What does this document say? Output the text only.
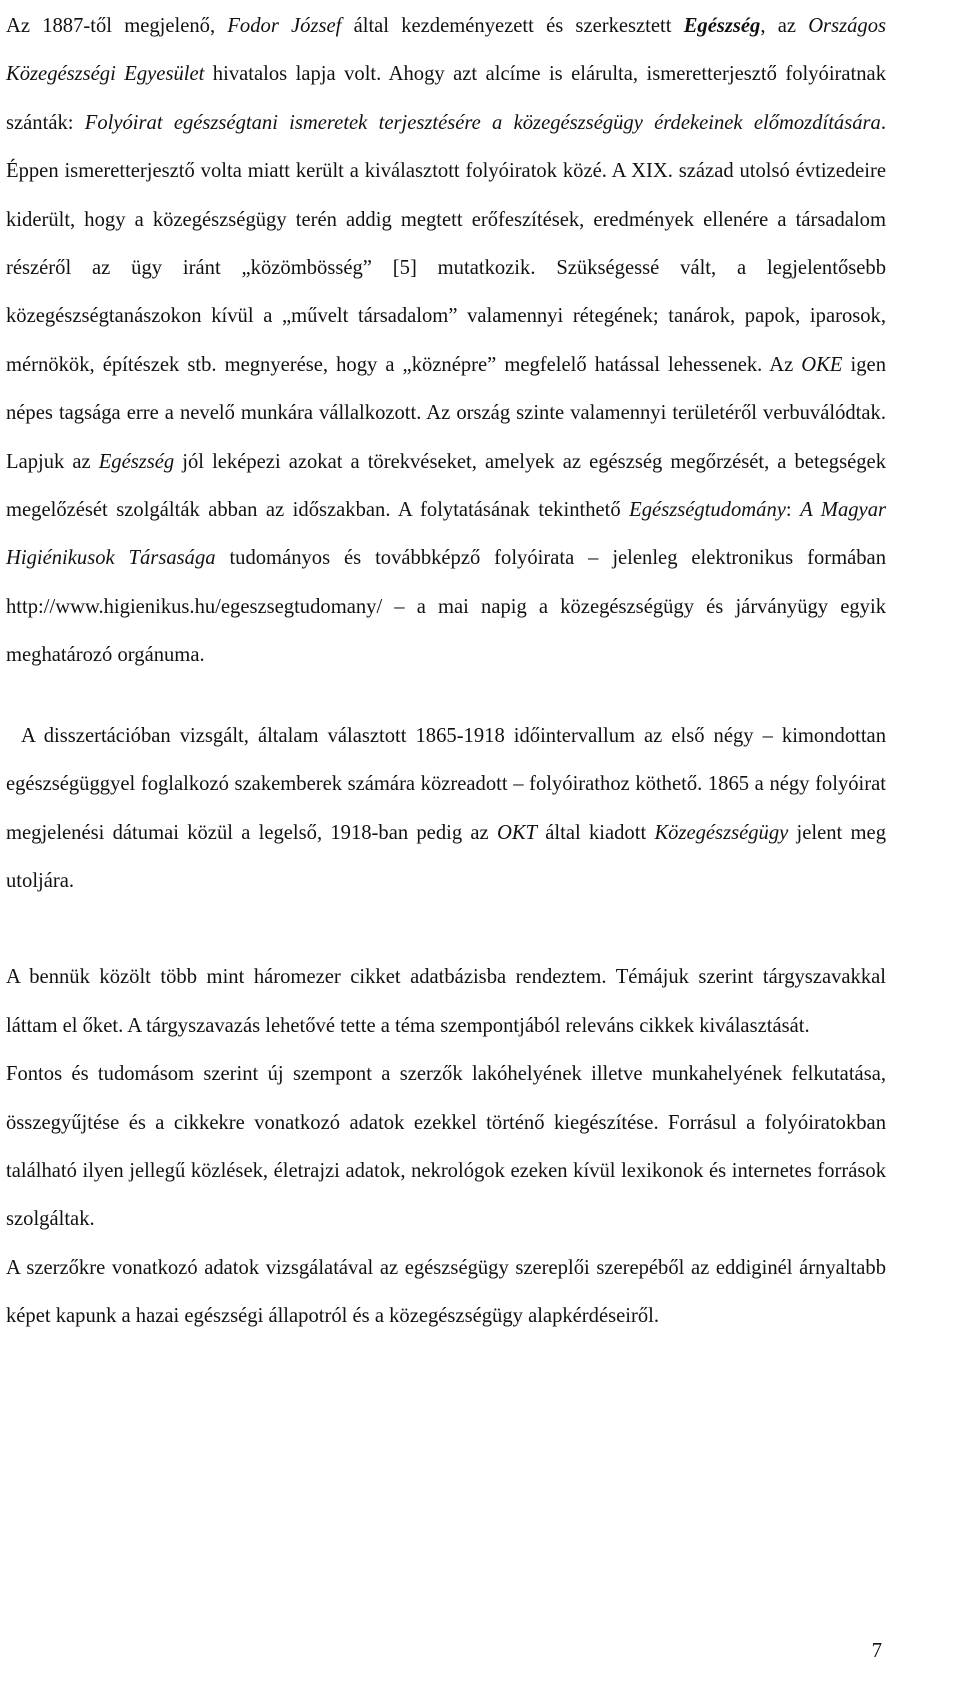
Az 1887-től megjelenő, Fodor József által kezdeményezett és szerkesztett Egészség, az Országos Közegészségi Egyesület hivatalos lapja volt. Ahogy azt alcíme is elárulta, ismeretterjesztő folyóiratnak szánták: Folyóirat egészségtani ismeretek terjesztésére a közegészségügy érdekeinek előmozdítására. Éppen ismeretterjesztő volta miatt került a kiválasztott folyóiratok közé. A XIX. század utolsó évtizedeire kiderült, hogy a közegészségügy terén addig megtett erőfeszítések, eredmények ellenére a társadalom részéről az ügy iránt „közömbösség” [5] mutatkozik. Szükségessé vált, a legjelentősebb közegészségtanászokon kívül a „művelt társadalom” valamennyi rétegének; tanárok, papok, iparosok, mérnökök, építészek stb. megnyerése, hogy a „köznépre” megfelelő hatással lehessenek. Az OKE igen népes tagsága erre a nevelő munkára vállalkozott. Az ország szinte valamennyi területéről verbuválódtak. Lapjuk az Egészség jól leképezi azokat a törekvéseket, amelyek az egészség megőrzését, a betegségek megelőzését szolgálták abban az időszakban. A folytatásának tekinthető Egészségtudomány: A Magyar Higiénikusok Társasága tudományos és továbbképző folyóirata – jelenleg elektronikus formában http://www.higienikus.hu/egeszsegtudomany/ – a mai napig a közegészségügy és járványügy egyik meghatározó orgánuma.

A disszertációban vizsgált, általam választott 1865-1918 időintervallum az első négy – kimondottan egészségüggyel foglalkozó szakemberek számára közreadott – folyóirathoz köthető. 1865 a négy folyóirat megjelenési dátumai közül a legelső, 1918-ban pedig az OKT által kiadott Közegészségügy jelent meg utoljára.

A bennük közölt több mint háromezer cikket adatbázisba rendeztem. Témájuk szerint tárgyszavakkal láttam el őket. A tárgyszavazás lehetővé tette a téma szempontjából releváns cikkek kiválasztását.

Fontos és tudomásom szerint új szempont a szerzők lakóhelyének illetve munkahelyének felkutatása, összegyűjtése és a cikkekre vonatkozó adatok ezekkel történő kiegészítése. Forrásul a folyóiratokban található ilyen jellegű közlések, életrajzi adatok, nekrológok ezeken kívül lexikonok és internetes források szolgáltak.

A szerzőkre vonatkozó adatok vizsgálatával az egészségügy szereplői szerepéből az eddiginél árnyaltabb képet kapunk a hazai egészségi állapotról és a közegészségügy alapkérdéseiről.

7
